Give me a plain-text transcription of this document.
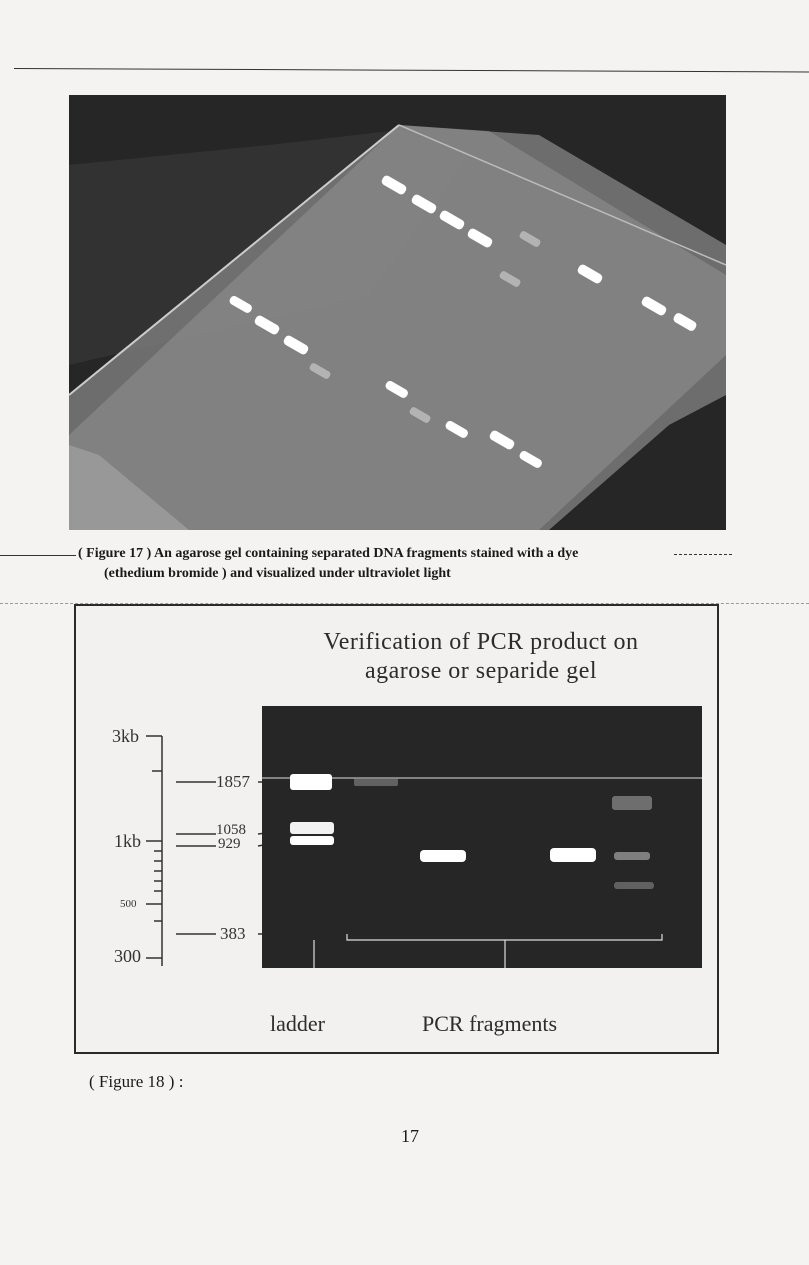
( Figure 17 ) An agarose gel containing separated DNA fragments stained with a dye
(ethedium bromide ) and visualized under ultraviolet light
Verification of PCR product on
agarose or separide gel
3kb
1kb
500
300
1857
1058
929
383
ladder	PCR fragments
( Figure 18 ) :
17
